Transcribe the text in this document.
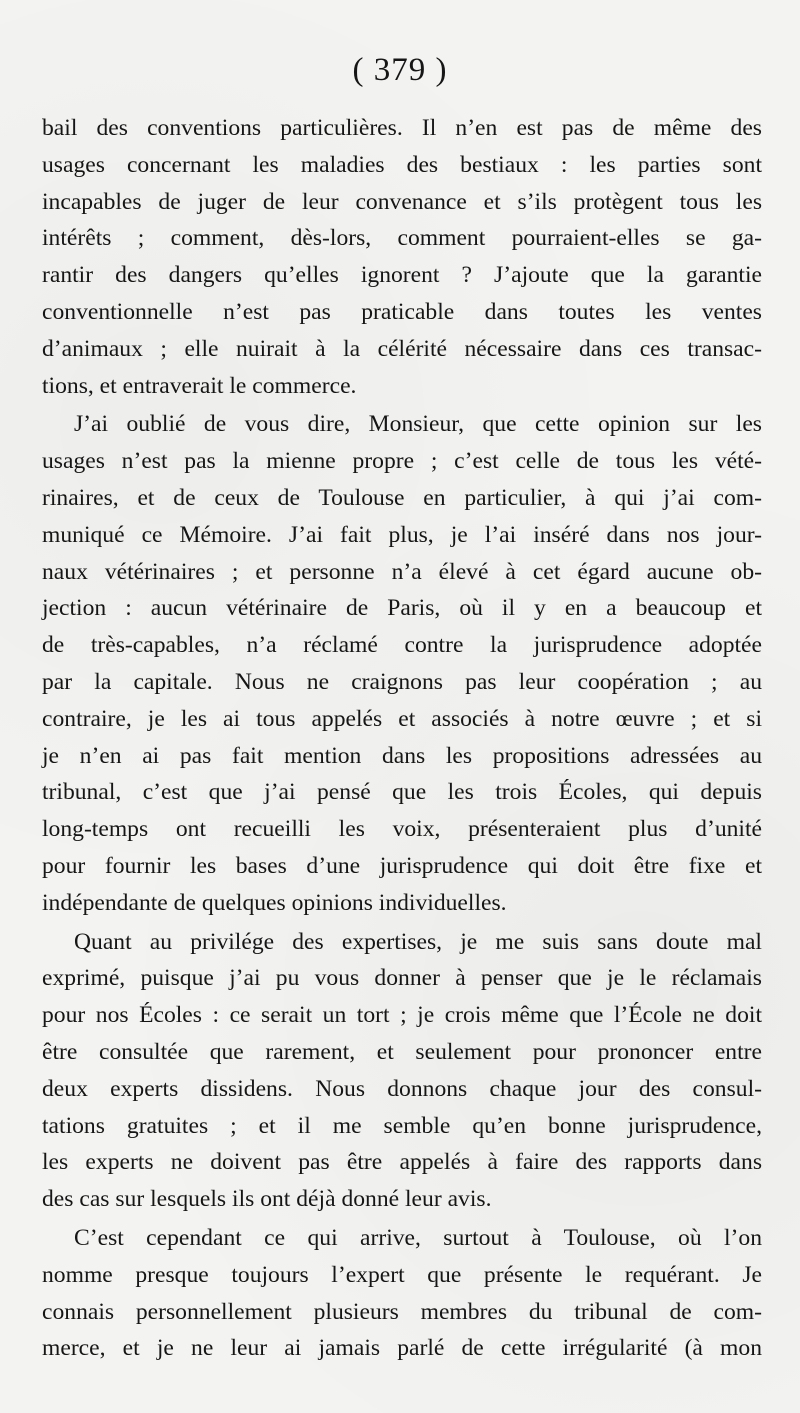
( 379 )
bail des conventions particulières. Il n’en est pas de même des
usages concernant les maladies des bestiaux : les parties sont
incapables de juger de leur convenance et s’ils protègent tous les
intérêts ; comment, dès-lors, comment pourraient-elles se ga-
rantir des dangers qu’elles ignorent ? J’ajoute que la garantie
conventionnelle n’est pas praticable dans toutes les ventes
d’animaux ; elle nuirait à la célérité nécessaire dans ces transac-
tions, et entraverait le commerce.
J’ai oublié de vous dire, Monsieur, que cette opinion sur les
usages n’est pas la mienne propre ; c’est celle de tous les vété-
rinaires, et de ceux de Toulouse en particulier, à qui j’ai com-
muniqué ce Mémoire. J’ai fait plus, je l’ai inséré dans nos jour-
naux vétérinaires ; et personne n’a élevé à cet égard aucune ob-
jection : aucun vétérinaire de Paris, où il y en a beaucoup et
de très-capables, n’a réclamé contre la jurisprudence adoptée
par la capitale. Nous ne craignons pas leur coopération ; au
contraire, je les ai tous appelés et associés à notre œuvre ; et si
je n’en ai pas fait mention dans les propositions adressées au
tribunal, c’est que j’ai pensé que les trois Écoles, qui depuis
long-temps ont recueilli les voix, présenteraient plus d’unité
pour fournir les bases d’une jurisprudence qui doit être fixe et
indépendante de quelques opinions individuelles.
Quant au privilége des expertises, je me suis sans doute mal
exprimé, puisque j’ai pu vous donner à penser que je le réclamais
pour nos Écoles : ce serait un tort ; je crois même que l’École ne doit
être consultée que rarement, et seulement pour prononcer entre
deux experts dissidens. Nous donnons chaque jour des consul-
tations gratuites ; et il me semble qu’en bonne jurisprudence,
les experts ne doivent pas être appelés à faire des rapports dans
des cas sur lesquels ils ont déjà donné leur avis.
C’est cependant ce qui arrive, surtout à Toulouse, où l’on
nomme presque toujours l’expert que présente le requérant. Je
connais personnellement plusieurs membres du tribunal de com-
merce, et je ne leur ai jamais parlé de cette irrégularité (à mon
